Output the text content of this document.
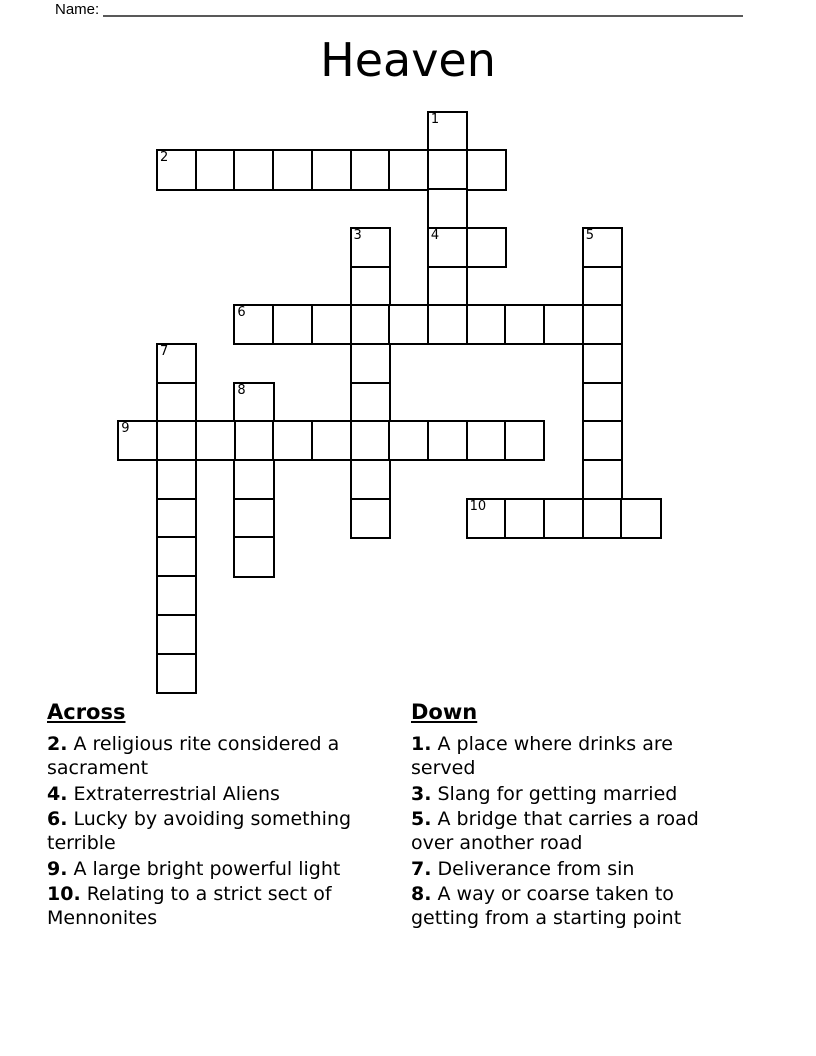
Name:
Heaven
1
4
2
3	5
6
7
8
9
10
Across

2. A religious rite considered a sacrament

4. Extraterrestrial Aliens

6. Lucky by avoiding something terrible

9. A large bright powerful light

10. Relating to a strict sect of Mennonites

Down

1. A place where drinks are served

3. Slang for getting married

5. A bridge that carries a road over another road

7. Deliverance from sin

8. A way or coarse taken to getting from a starting point
